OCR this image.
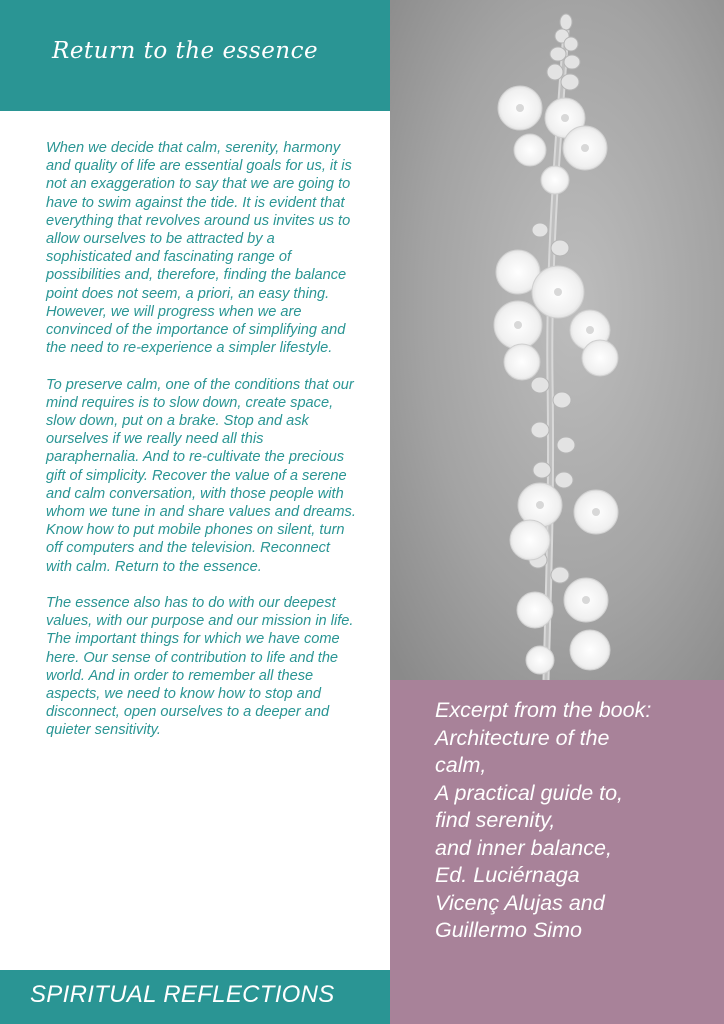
Return to the essence

When we decide that calm, serenity, harmony and quality of life are essential goals for us, it is not an exaggeration to say that we are going to have to swim against the tide. It is evident that everything that revolves around us invites us to allow ourselves to be attracted by a sophisticated and fascinating range of possibilities and, therefore, finding the balance point does not seem, a priori, an easy thing. However, we will progress when we are convinced of the importance of simplifying and the need to re-experience a simpler lifestyle.

To preserve calm, one of the conditions that our mind requires is to slow down, create space, slow down, put on a brake. Stop and ask ourselves if we really need all this paraphernalia. And to re-cultivate the precious gift of simplicity. Recover the value of a serene and calm conversation, with those people with whom we tune in and share values and dreams. Know how to put mobile phones on silent, turn off computers and the television. Reconnect with calm. Return to the essence.

The essence also has to do with our deepest values, with our purpose and our mission in life. The important things for which we have come here. Our sense of contribution to life and the world. And in order to remember all these aspects, we need to know how to stop and disconnect, open ourselves to a deeper and quieter sensitivity.

Excerpt from the book:
Architecture of the
calm,
A practical guide to,
find serenity,
and inner balance,
Ed. Luciérnaga
Vicenç Alujas and
Guillermo Simo
SPIRITUAL REFLECTIONS
